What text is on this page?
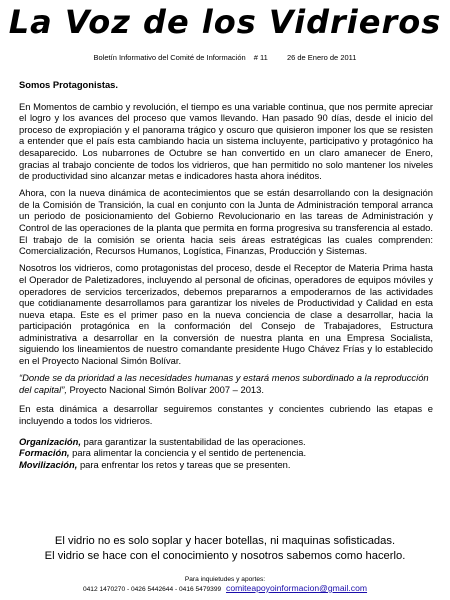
La Voz de los Vidrieros
Boletín Informativo del Comité de Información # 11	26 de Enero de 2011

Somos Protagonistas.

En Momentos de cambio y revolución, el tiempo es una variable continua, que nos permite apreciar el logro y los avances del proceso que vamos llevando. Han pasado 90 días, desde el inicio del proceso de expropiación y el panorama trágico y oscuro que quisieron imponer los que se resisten a entender que el país esta cambiando hacia un sistema incluyente, participativo y protagónico ha desaparecido. Los nubarrones de Octubre se han convertido en un claro amanecer de Enero, gracias al trabajo conciente de todos los vidrieros, que han permitido no solo mantener los niveles de productividad sino alcanzar metas e indicadores hasta ahora inéditos.

Ahora, con la nueva dinámica de acontecimientos que se están desarrollando con la designación de la Comisión de Transición, la cual en conjunto con la Junta de Administración temporal arranca un periodo de posicionamiento del Gobierno Revolucionario en las tareas de Administración y Control de las operaciones de la planta que permita en forma progresiva su transferencia al estado. El trabajo de la comisión se orienta hacia seis áreas estratégicas las cuales comprenden: Comercialización, Recursos Humanos, Logística, Finanzas, Producción y Sistemas.

Nosotros los vidrieros, como protagonistas del proceso, desde el Receptor de Materia Prima hasta el Operador de Paletizadores, incluyendo al personal de oficinas, operadores de equipos móviles y operadores de servicios tercerizados, debemos prepararnos a empoderarnos de las actividades que cotidianamente desarrollamos para garantizar los niveles de Productividad y Calidad en esta nueva etapa. Este es el primer paso en la nueva conciencia de clase a desarrollar, hacia la participación protagónica en la conformación del Consejo de Trabajadores, Estructura administrativa a desarrollar en la conversión de nuestra planta en una Empresa Socialista, siguiendo los lineamientos de nuestro comandante presidente Hugo Chávez Frías y lo establecido en el Proyecto Nacional Simón Bolívar.

“Donde se da prioridad a las necesidades humanas y estará menos subordinado a la reproducción del capital”, Proyecto Nacional Simón Bolívar 2007 – 2013.

En esta dinámica a desarrollar seguiremos constantes y concientes cubriendo las etapas e incluyendo a todos los vidrieros.

Organización, para garantizar la sustentabilidad de las operaciones.
Formación, para alimentar la conciencia y el sentido de pertenencia.
Movilización, para enfrentar los retos y tareas que se presenten.
El vidrio no es solo soplar y hacer botellas, ni maquinas sofisticadas.
El vidrio se hace con el conocimiento y nosotros sabemos como hacerlo.
Para inquietudes y aportes:
0412 1470270 - 0426 5442644 - 0416 5479399 comiteapoyoinformacion@gmail.com
